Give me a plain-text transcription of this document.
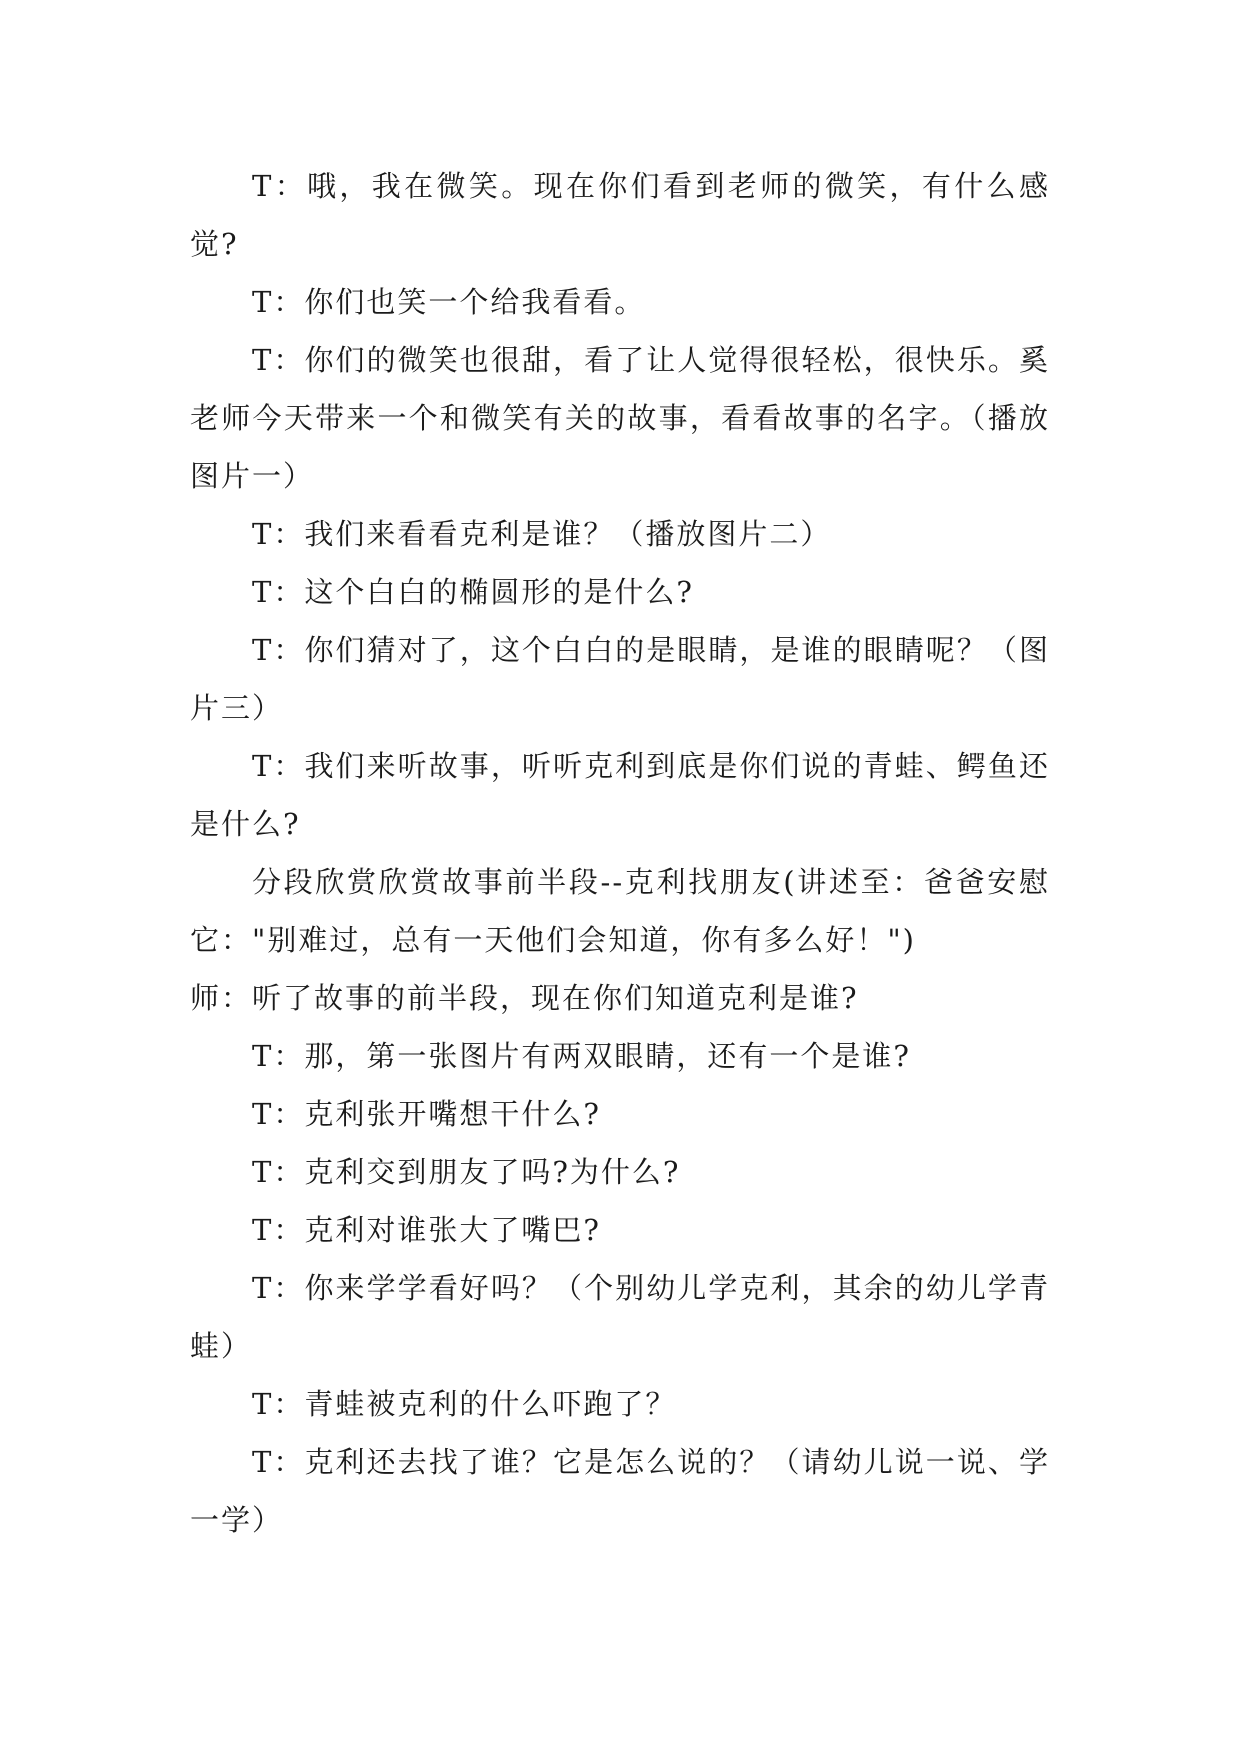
T：哦，我在微笑。现在你们看到老师的微笑，有什么感觉?

T：你们也笑一个给我看看。

T：你们的微笑也很甜，看了让人觉得很轻松，很快乐。奚老师今天带来一个和微笑有关的故事，看看故事的名字。（播放图片一）

T：我们来看看克利是谁？（播放图片二）

T：这个白白的椭圆形的是什么?

T：你们猜对了，这个白白的是眼睛，是谁的眼睛呢？（图片三）

T：我们来听故事，听听克利到底是你们说的青蛙、鳄鱼还是什么?

分段欣赏欣赏故事前半段--克利找朋友(讲述至：爸爸安慰它："别难过，总有一天他们会知道，你有多么好！")

师：听了故事的前半段，现在你们知道克利是谁?

T：那，第一张图片有两双眼睛，还有一个是谁?

T：克利张开嘴想干什么?

T：克利交到朋友了吗?为什么?

T：克利对谁张大了嘴巴?

T：你来学学看好吗？（个别幼儿学克利，其余的幼儿学青蛙）

T：青蛙被克利的什么吓跑了？

T：克利还去找了谁？它是怎么说的？（请幼儿说一说、学一学）
